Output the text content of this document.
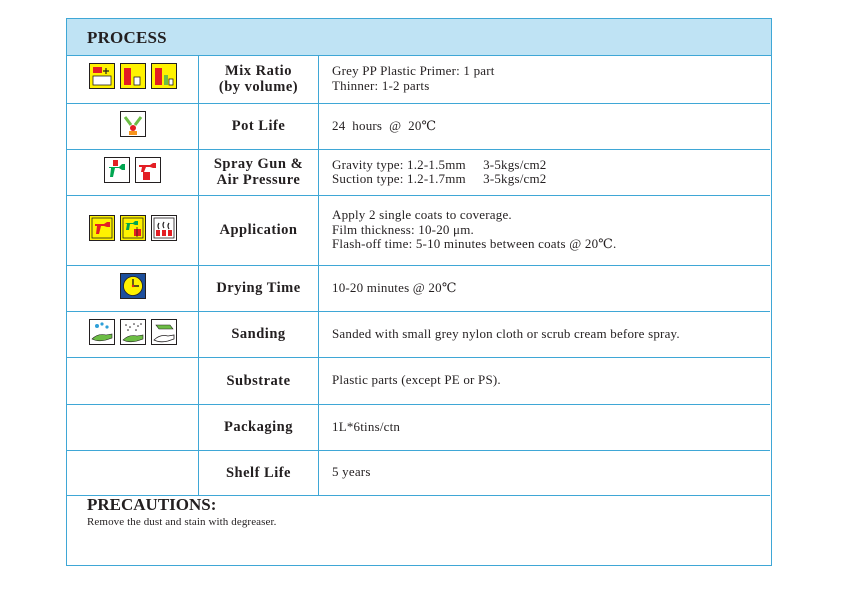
PROCESS

Mix Ratio
(by volume)	Grey PP Plastic Primer: 1 part
Thinner: 1-2 parts

Pot Life	24  hours  @  20℃

Spray Gun &
Air Pressure	Gravity type: 1.2-1.5mm     3-5kgs/cm2
Suction type: 1.2-1.7mm     3-5kgs/cm2

Application	Apply 2 single coats to coverage.
Film thickness: 10-20 μm.
Flash-off time: 5-10 minutes between coats @ 20℃.

Drying Time	10-20 minutes @ 20℃

Sanding	Sanded with small grey nylon cloth or scrub cream before spray.

	Substrate	Plastic parts (except PE or PS).

	Packaging	1L*6tins/ctn

	Shelf Life	5 years
PRECAUTIONS:
Remove the dust and stain with degreaser.
